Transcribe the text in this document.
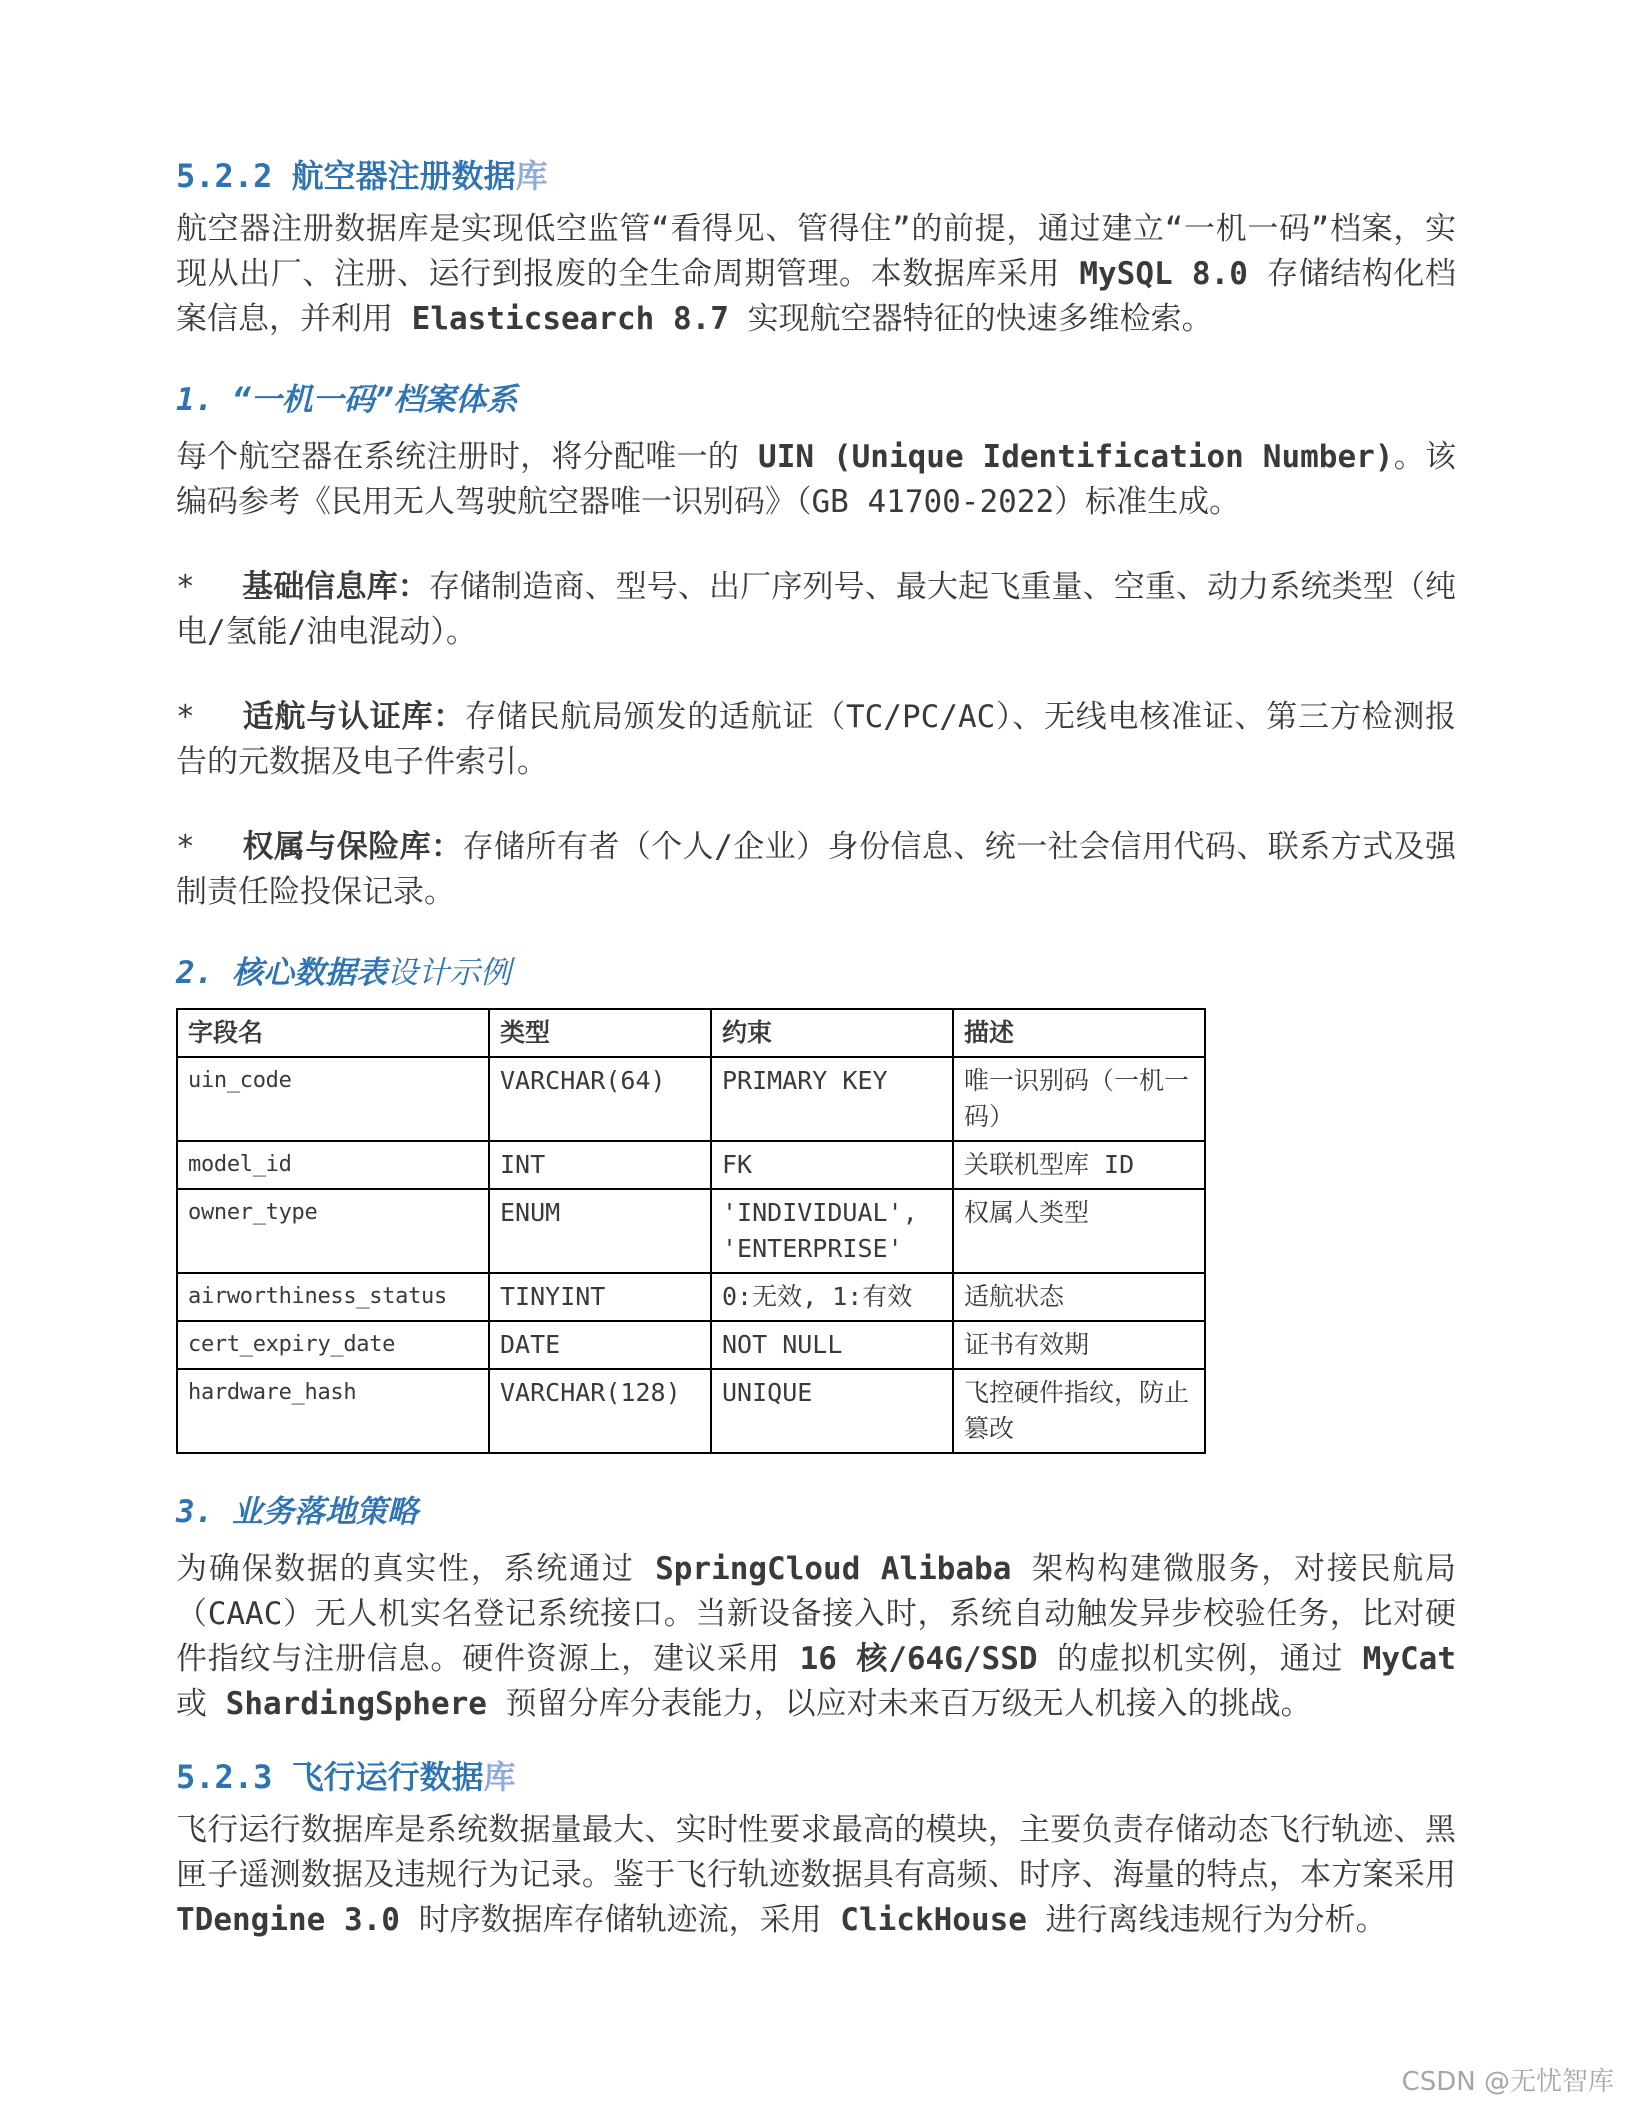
5.2.2 航空器注册数据库

航空器注册数据库是实现低空监管“看得见、管得住”的前提，通过建立“一机一码”档案，实现从出厂、注册、运行到报废的全生命周期管理。本数据库采用 MySQL 8.0 存储结构化档案信息，并利用 Elasticsearch 8.7 实现航空器特征的快速多维检索。

1. “一机一码”档案体系

每个航空器在系统注册时，将分配唯一的 UIN (Unique Identification Number)。该编码参考《民用无人驾驶航空器唯一识别码》（GB 41700-2022）标准生成。

* 基础信息库：存储制造商、型号、出厂序列号、最大起飞重量、空重、动力系统类型（纯电/氢能/油电混动）。

* 适航与认证库：存储民航局颁发的适航证（TC/PC/AC）、无线电核准证、第三方检测报告的元数据及电子件索引。

* 权属与保险库：存储所有者（个人/企业）身份信息、统一社会信用代码、联系方式及强制责任险投保记录。

2. 核心数据表设计示例
字段名	类型	约束	描述
uin_code	VARCHAR(64)	PRIMARY KEY	唯一识别码（一机一码）
model_id	INT	FK	关联机型库 ID
owner_type	ENUM	'INDIVIDUAL', 'ENTERPRISE'	权属人类型
airworthiness_status	TINYINT	0:无效, 1:有效	适航状态
cert_expiry_date	DATE	NOT NULL	证书有效期
hardware_hash	VARCHAR(128)	UNIQUE	飞控硬件指纹，防止篡改
3. 业务落地策略

为确保数据的真实性，系统通过 SpringCloud Alibaba 架构构建微服务，对接民航局（CAAC）无人机实名登记系统接口。当新设备接入时，系统自动触发异步校验任务，比对硬件指纹与注册信息。硬件资源上，建议采用 16 核/64G/SSD 的虚拟机实例，通过 MyCat 或 ShardingSphere 预留分库分表能力，以应对未来百万级无人机接入的挑战。

5.2.3 飞行运行数据库

飞行运行数据库是系统数据量最大、实时性要求最高的模块，主要负责存储动态飞行轨迹、黑匣子遥测数据及违规行为记录。鉴于飞行轨迹数据具有高频、时序、海量的特点，本方案采用 TDengine 3.0 时序数据库存储轨迹流，采用 ClickHouse 进行离线违规行为分析。

CSDN @无忧智库
